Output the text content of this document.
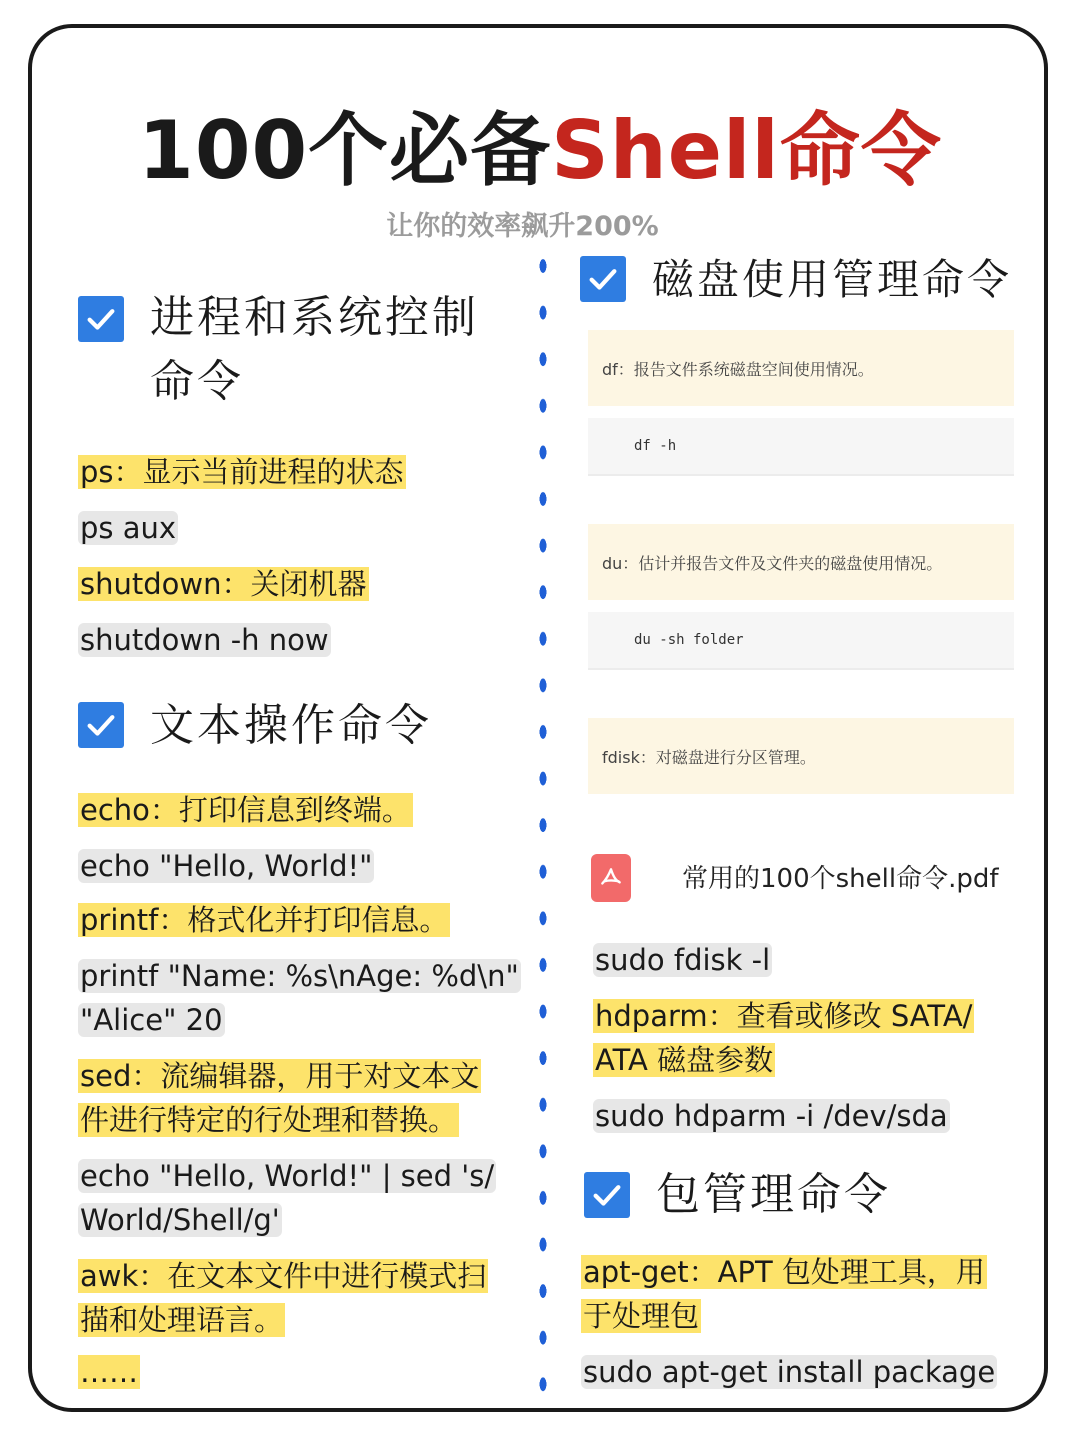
100个必备Shell命令
让你的效率飙升200%
进程和系统控制
命令
ps：显示当前进程的状态
ps aux
shutdown：关闭机器
shutdown -h now
文本操作命令
echo：打印信息到终端。
echo "Hello, World!"
printf：格式化并打印信息。
printf "Name: %s\nAge: %d\n"
"Alice" 20
sed：流编辑器，用于对文本文
件进行特定的行处理和替换。
echo "Hello, World!" | sed 's/
World/Shell/g'
awk：在文本文件中进行模式扫
描和处理语言。
……
磁盘使用管理命令
df：报告文件系统磁盘空间使用情况。
df -h
du：估计并报告文件及文件夹的磁盘使用情况。
du -sh folder
fdisk：对磁盘进行分区管理。
常用的100个shell命令.pdf
sudo fdisk -l
hdparm：查看或修改 SATA/
ATA 磁盘参数
sudo hdparm -i /dev/sda
包管理命令
apt-get：APT 包处理工具，用
于处理包
sudo apt-get install package
